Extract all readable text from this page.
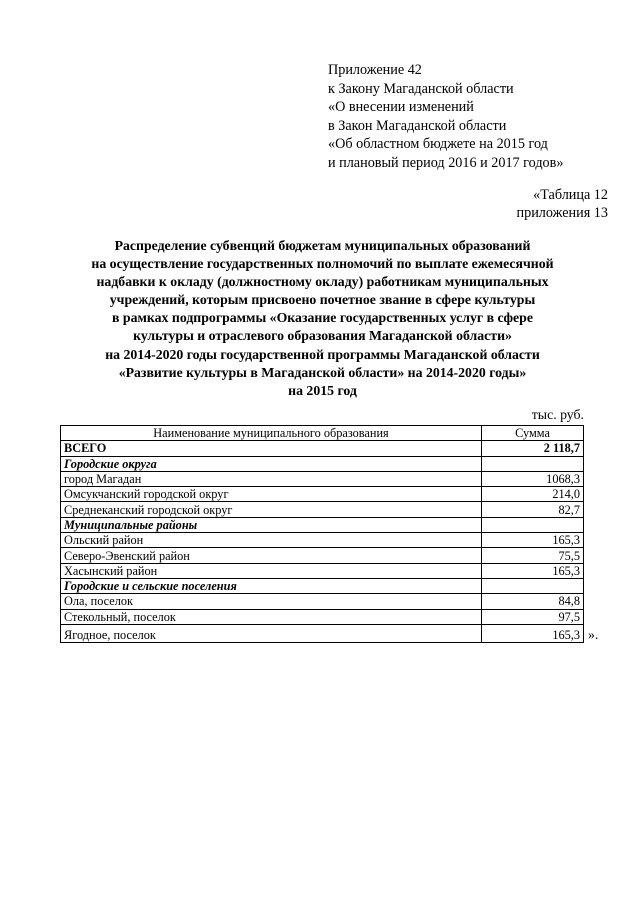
Приложение 42
к Закону Магаданской области
«О внесении изменений
в Закон Магаданской области
«Об областном бюджете на 2015 год
и плановый период 2016 и 2017 годов»
«Таблица 12
приложения 13
Распределение субвенций бюджетам муниципальных образований
на осуществление государственных полномочий по выплате ежемесячной
надбавки к окладу (должностному окладу) работникам муниципальных
учреждений, которым присвоено почетное звание в сфере культуры
в рамках подпрограммы «Оказание государственных услуг в сфере
культуры и отраслевого образования Магаданской области»
на 2014-2020 годы государственной программы Магаданской области
«Развитие культуры в Магаданской области» на 2014-2020 годы»
на 2015 год
тыс. руб.
Наименование муниципального образования	Сумма
ВСЕГО	2 118,7
Городские округа	
город Магадан	1068,3
Омсукчанский городской округ	214,0
Среднеканский городской округ	82,7
Муниципальные районы	
Ольский район	165,3
Северо-Эвенский район	75,5
Хасынский район	165,3
Городские и сельские поселения	
Ола, поселок	84,8
Стекольный, поселок	97,5
Ягодное, поселок	165,3 ».
